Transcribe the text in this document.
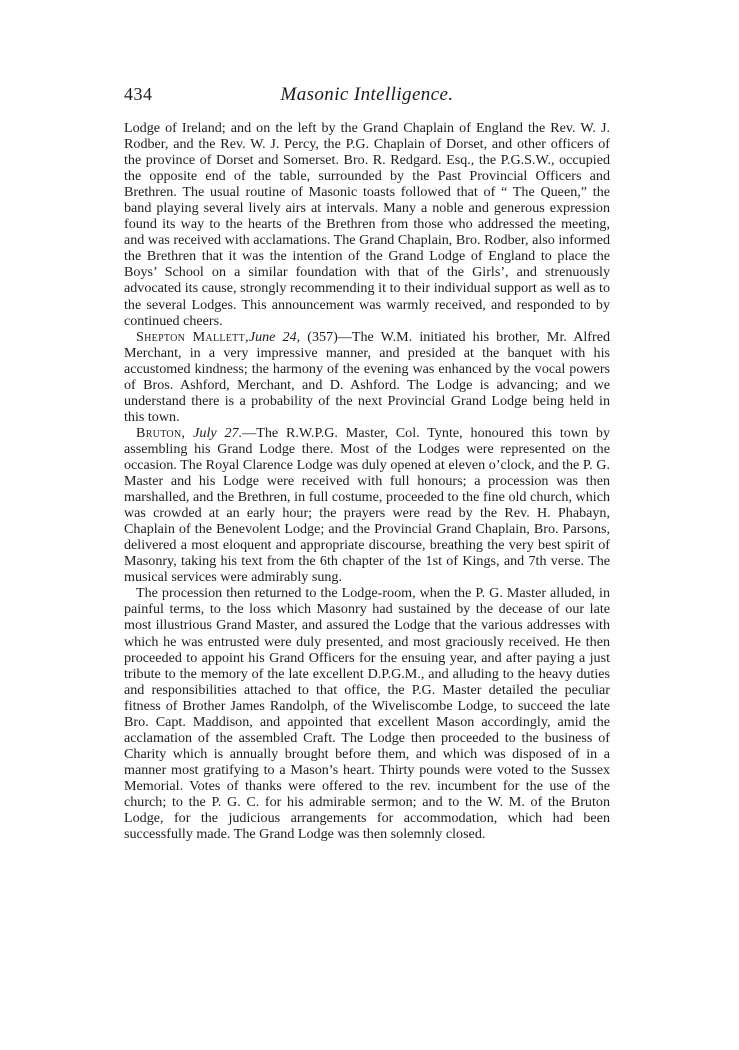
434	Masonic Intelligence.

Lodge of Ireland; and on the left by the Grand Chaplain of England the Rev. W. J. Rodber, and the Rev. W. J. Percy, the P.G. Chaplain of Dorset, and other officers of the province of Dorset and Somerset. Bro. R. Redgard. Esq., the P.G.S.W., occupied the opposite end of the table, surrounded by the Past Provincial Officers and Brethren. The usual routine of Masonic toasts followed that of “ The Queen,” the band playing several lively airs at intervals. Many a noble and generous expression found its way to the hearts of the Brethren from those who addressed the meeting, and was received with acclamations. The Grand Chaplain, Bro. Rodber, also informed the Brethren that it was the intention of the Grand Lodge of England to place the Boys’ School on a similar foundation with that of the Girls’, and strenuously advocated its cause, strongly recommending it to their individual support as well as to the several Lodges. This announcement was warmly received, and responded to by continued cheers.

Shepton Mallett,June 24, (357)—The W.M. initiated his brother, Mr. Alfred Merchant, in a very impressive manner, and presided at the banquet with his accustomed kindness; the harmony of the evening was enhanced by the vocal powers of Bros. Ashford, Merchant, and D. Ashford. The Lodge is advancing; and we understand there is a probability of the next Provincial Grand Lodge being held in this town.

Bruton, July 27.—The R.W.P.G. Master, Col. Tynte, honoured this town by assembling his Grand Lodge there. Most of the Lodges were represented on the occasion. The Royal Clarence Lodge was duly opened at eleven o’clock, and the P. G. Master and his Lodge were received with full honours; a procession was then marshalled, and the Brethren, in full costume, proceeded to the fine old church, which was crowded at an early hour; the prayers were read by the Rev. H. Phabayn, Chaplain of the Benevolent Lodge; and the Provincial Grand Chaplain, Bro. Parsons, delivered a most eloquent and appropriate discourse, breathing the very best spirit of Masonry, taking his text from the 6th chapter of the 1st of Kings, and 7th verse. The musical services were admirably sung.

The procession then returned to the Lodge-room, when the P. G. Master alluded, in painful terms, to the loss which Masonry had sustained by the decease of our late most illustrious Grand Master, and assured the Lodge that the various addresses with which he was entrusted were duly presented, and most graciously received. He then proceeded to appoint his Grand Officers for the ensuing year, and after paying a just tribute to the memory of the late excellent D.P.G.M., and alluding to the heavy duties and responsibilities attached to that office, the P.G. Master detailed the peculiar fitness of Brother James Randolph, of the Wiveliscombe Lodge, to succeed the late Bro. Capt. Maddison, and appointed that excellent Mason accordingly, amid the acclamation of the assembled Craft. The Lodge then proceeded to the business of Charity which is annually brought before them, and which was disposed of in a manner most gratifying to a Mason’s heart. Thirty pounds were voted to the Sussex Memorial. Votes of thanks were offered to the rev. incumbent for the use of the church; to the P. G. C. for his admirable sermon; and to the W. M. of the Bruton Lodge, for the judicious arrangements for accommodation, which had been successfully made. The Grand Lodge was then solemnly closed.
